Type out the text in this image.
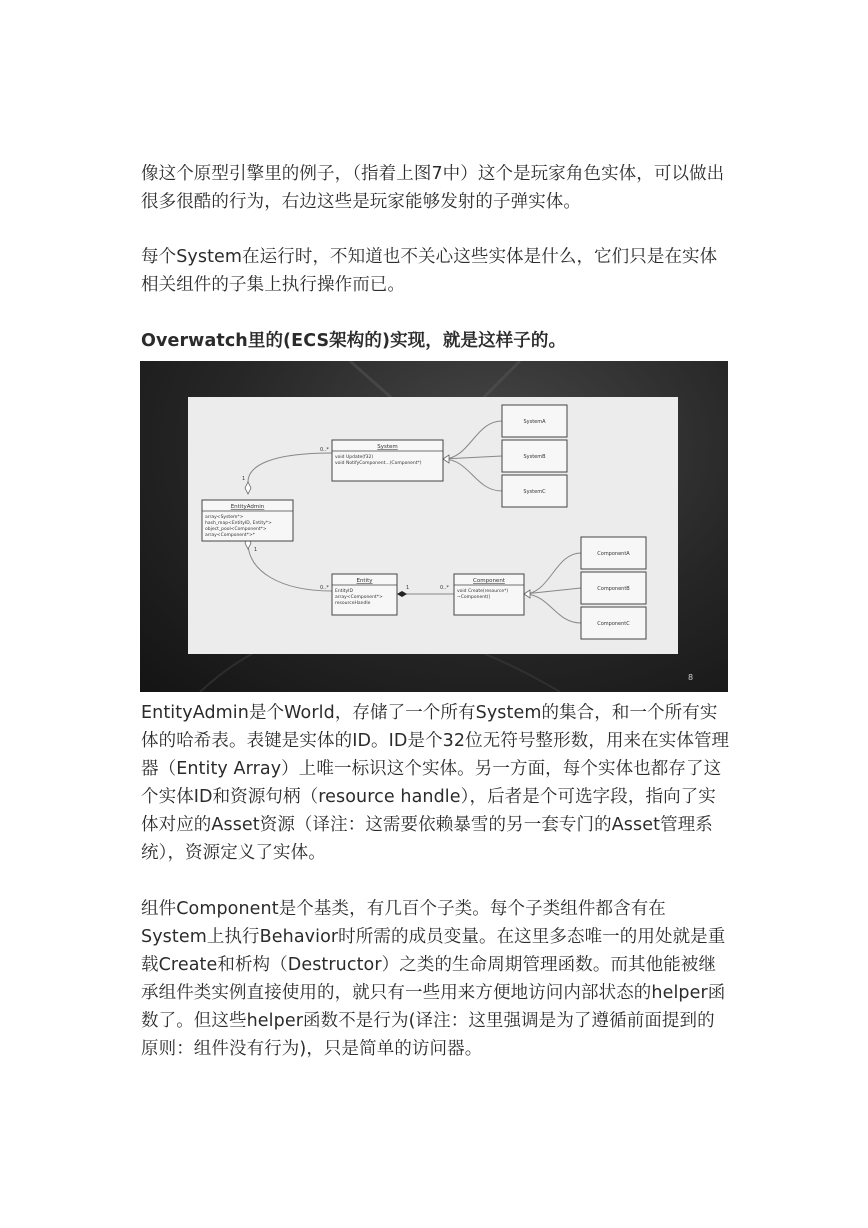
像这个原型引擎里的例子，（指着上图7中）这个是玩家角色实体，可以做出很多很酷的行为，右边这些是玩家能够发射的子弹实体。

每个System在运行时，不知道也不关心这些实体是什么，它们只是在实体相关组件的子集上执行操作而已。

Overwatch里的(ECS架构的)实现，就是这样子的。

EntityAdmin是个World，存储了一个所有System的集合，和一个所有实体的哈希表。表键是实体的ID。ID是个32位无符号整形数，用来在实体管理器（Entity Array）上唯一标识这个实体。另一方面，每个实体也都存了这个实体ID和资源句柄（resource handle），后者是个可选字段，指向了实体对应的Asset资源（译注：这需要依赖暴雪的另一套专门的Asset管理系统），资源定义了实体。

组件Component是个基类，有几百个子类。每个子类组件都含有在System上执行Behavior时所需的成员变量。在这里多态唯一的用处就是重载Create和析构（Destructor）之类的生命周期管理函数。而其他能被继承组件类实例直接使用的，就只有一些用来方便地访问内部状态的helper函数了。但这些helper函数不是行为(译注：这里强调是为了遵循前面提到的原则：组件没有行为)，只是简单的访问器。

0..*
1
1
0..*	1	0..*
System
void Update(f32)
void NotifyComponent...(Component*)
EntityAdmin
array<System*>
hash_map<EntityID, Entity*>
object_pool<Component*>
array<Component*>*
Entity
EntityID
array<Component*>
resourceHandle
Component
void Create(resource*)
~Component()
SystemA
SystemB
SystemC
ComponentA
ComponentB
ComponentC
8
